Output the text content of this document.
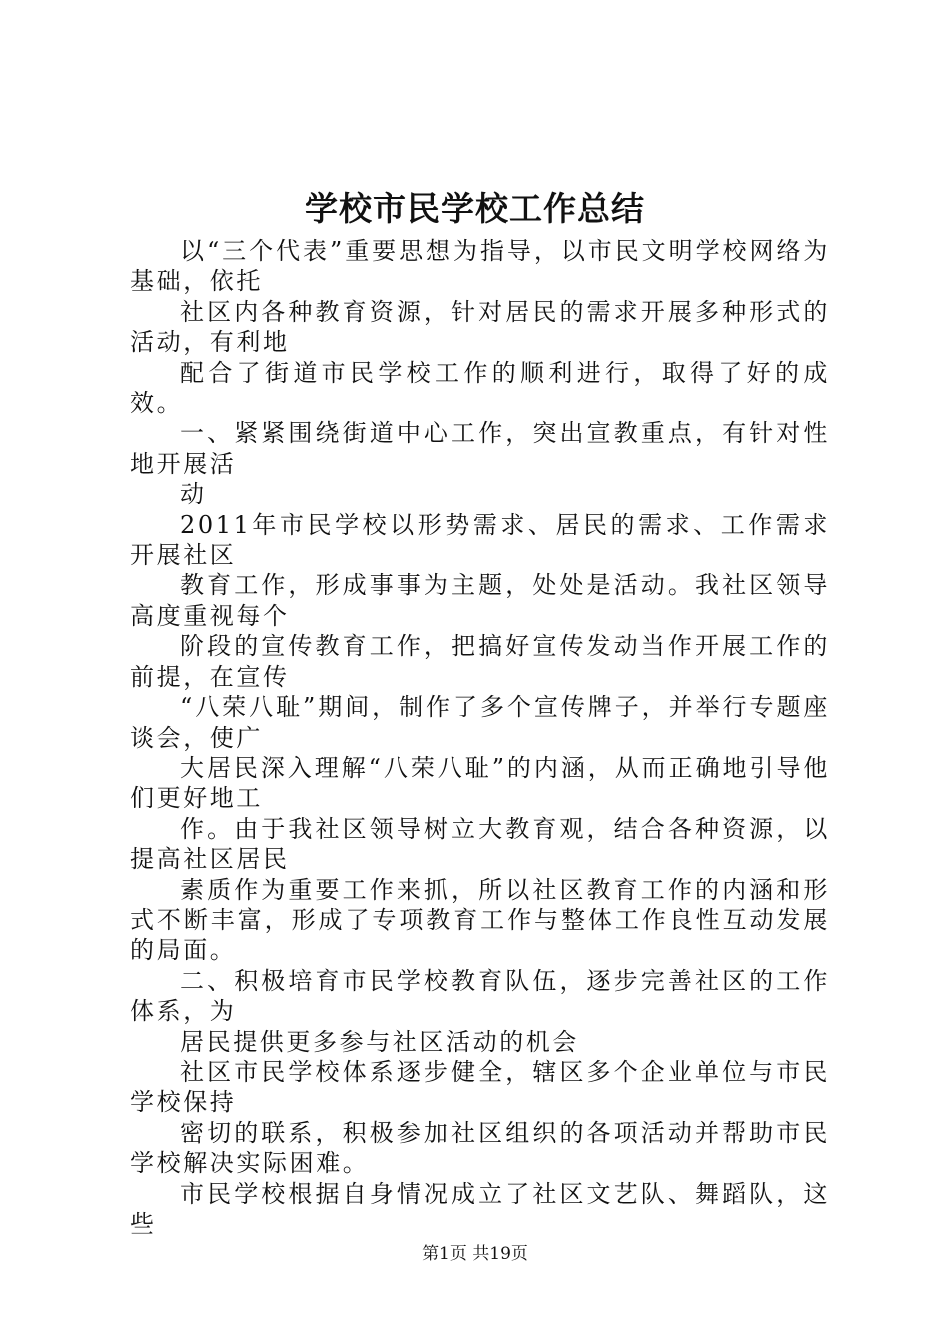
学校市民学校工作总结

以“三个代表”重要思想为指导，以市民文明学校网络为基础，依托

社区内各种教育资源，针对居民的需求开展多种形式的活动，有利地

配合了街道市民学校工作的顺利进行，取得了好的成效。

一、紧紧围绕街道中心工作，突出宣教重点，有针对性地开展活

动

2011年市民学校以形势需求、居民的需求、工作需求开展社区

教育工作，形成事事为主题，处处是活动。我社区领导高度重视每个

阶段的宣传教育工作，把搞好宣传发动当作开展工作的前提，在宣传

“八荣八耻”期间，制作了多个宣传牌子，并举行专题座谈会，使广

大居民深入理解“八荣八耻”的内涵，从而正确地引导他们更好地工

作。由于我社区领导树立大教育观，结合各种资源，以提高社区居民

素质作为重要工作来抓，所以社区教育工作的内涵和形式不断丰富，形成了专项教育工作与整体工作良性互动发展的局面。

二、积极培育市民学校教育队伍，逐步完善社区的工作体系，为

居民提供更多参与社区活动的机会

社区市民学校体系逐步健全，辖区多个企业单位与市民学校保持

密切的联系，积极参加社区组织的各项活动并帮助市民学校解决实际困难。

市民学校根据自身情况成立了社区文艺队、舞蹈队，这些

第1页 共19页
